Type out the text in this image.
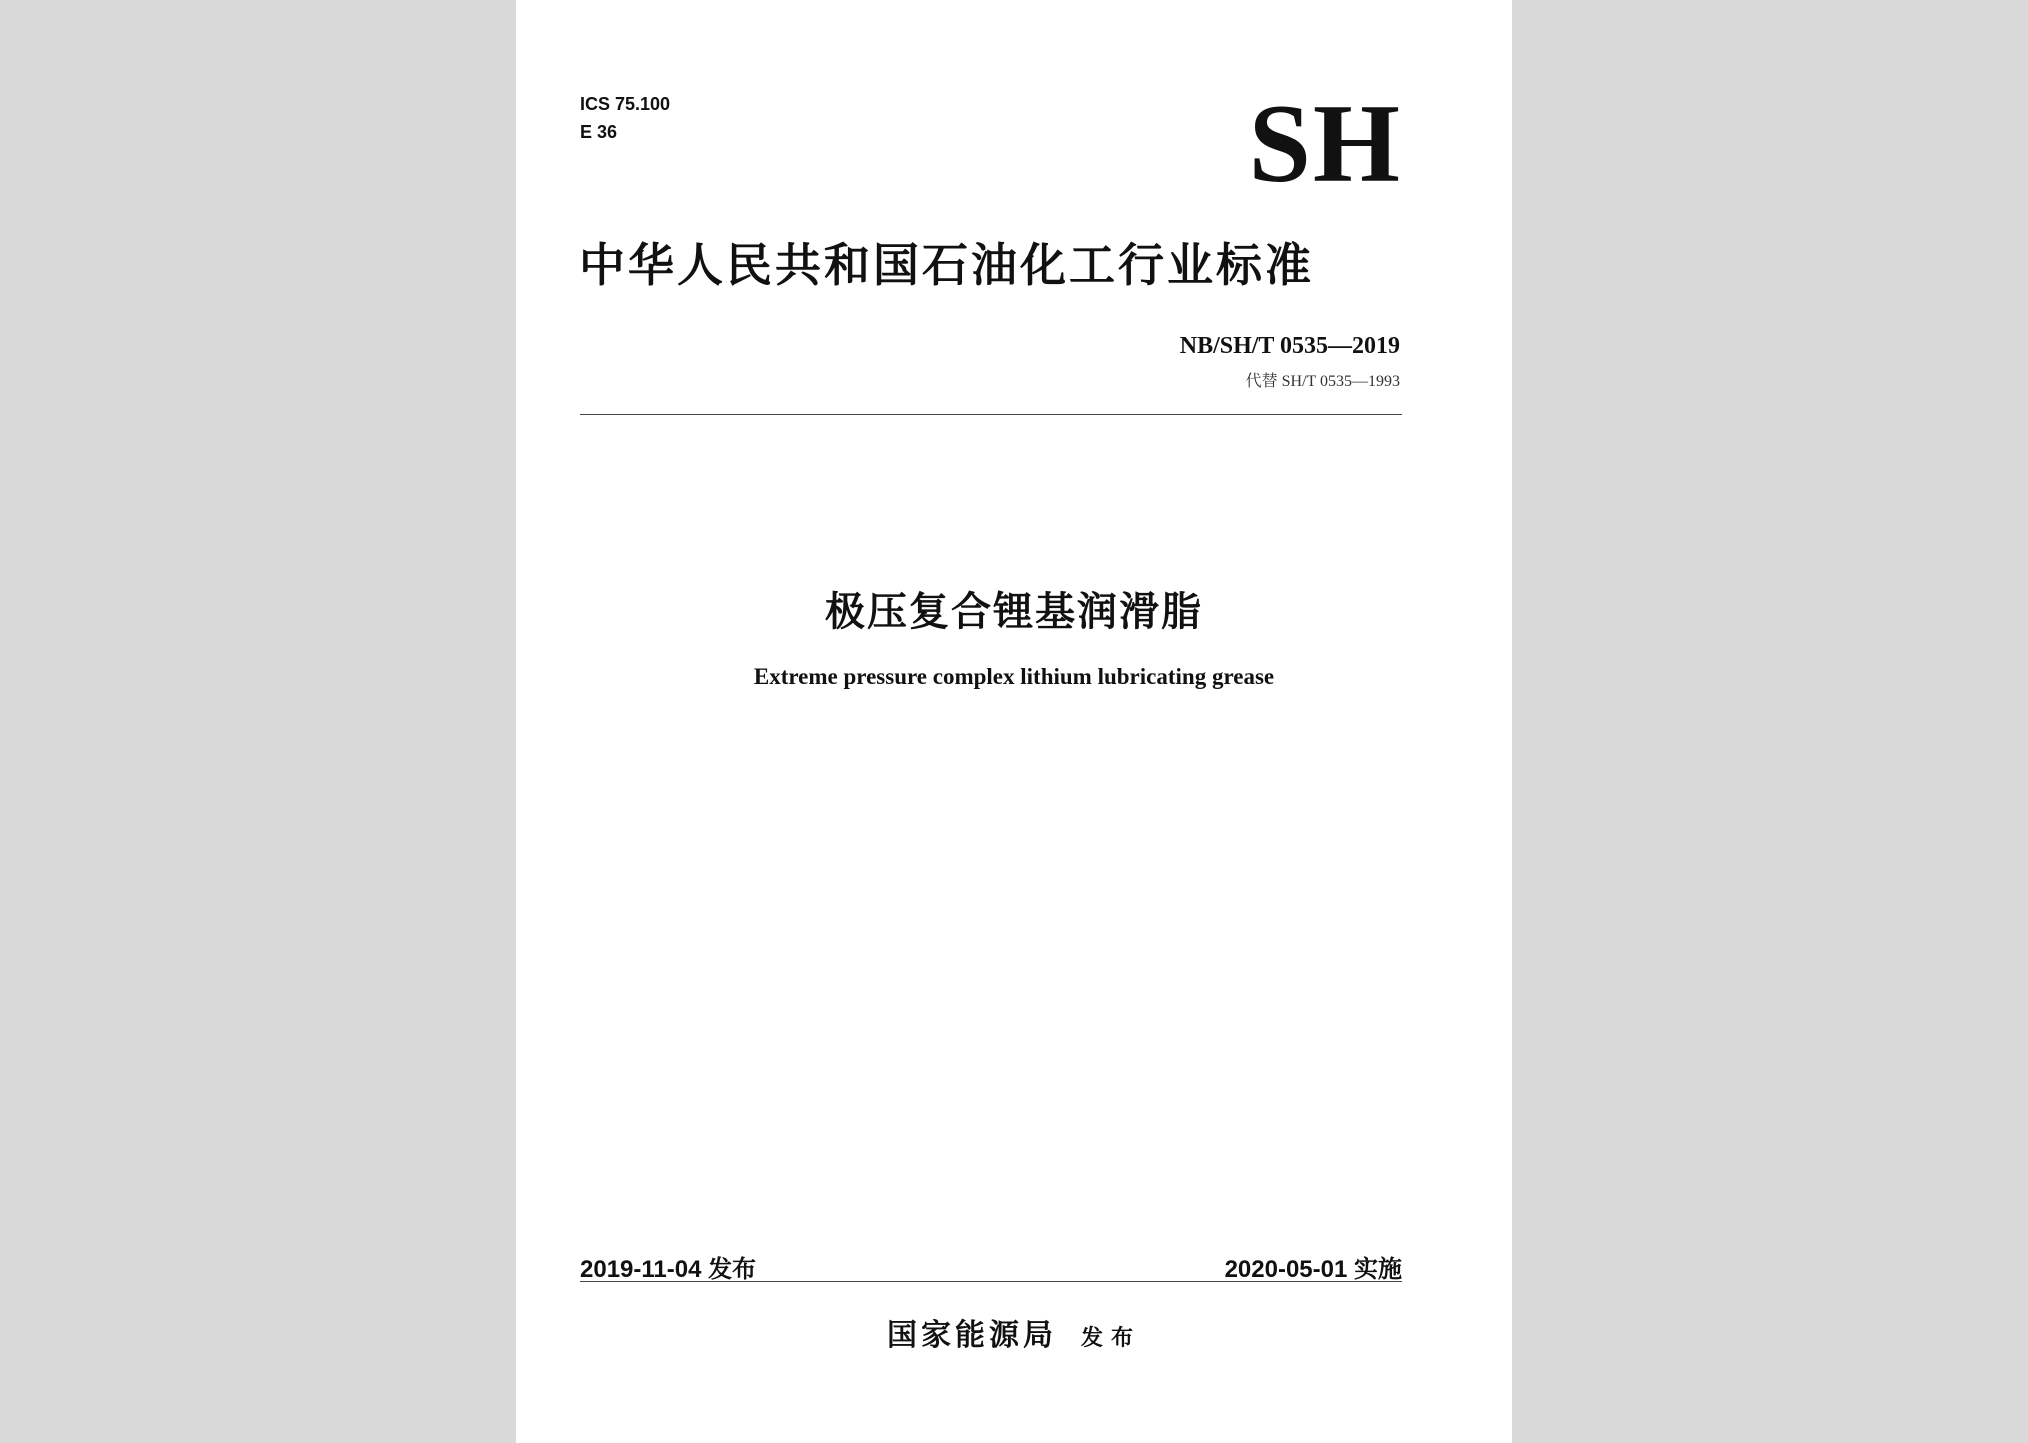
ICS 75.100
E 36	SH
中华人民共和国石油化工行业标准
NB/SH/T 0535—2019
代替 SH/T 0535—1993
极压复合锂基润滑脂
Extreme pressure complex lithium lubricating grease
2019-11-04 发布	2020-05-01 实施
国家能源局 发布
